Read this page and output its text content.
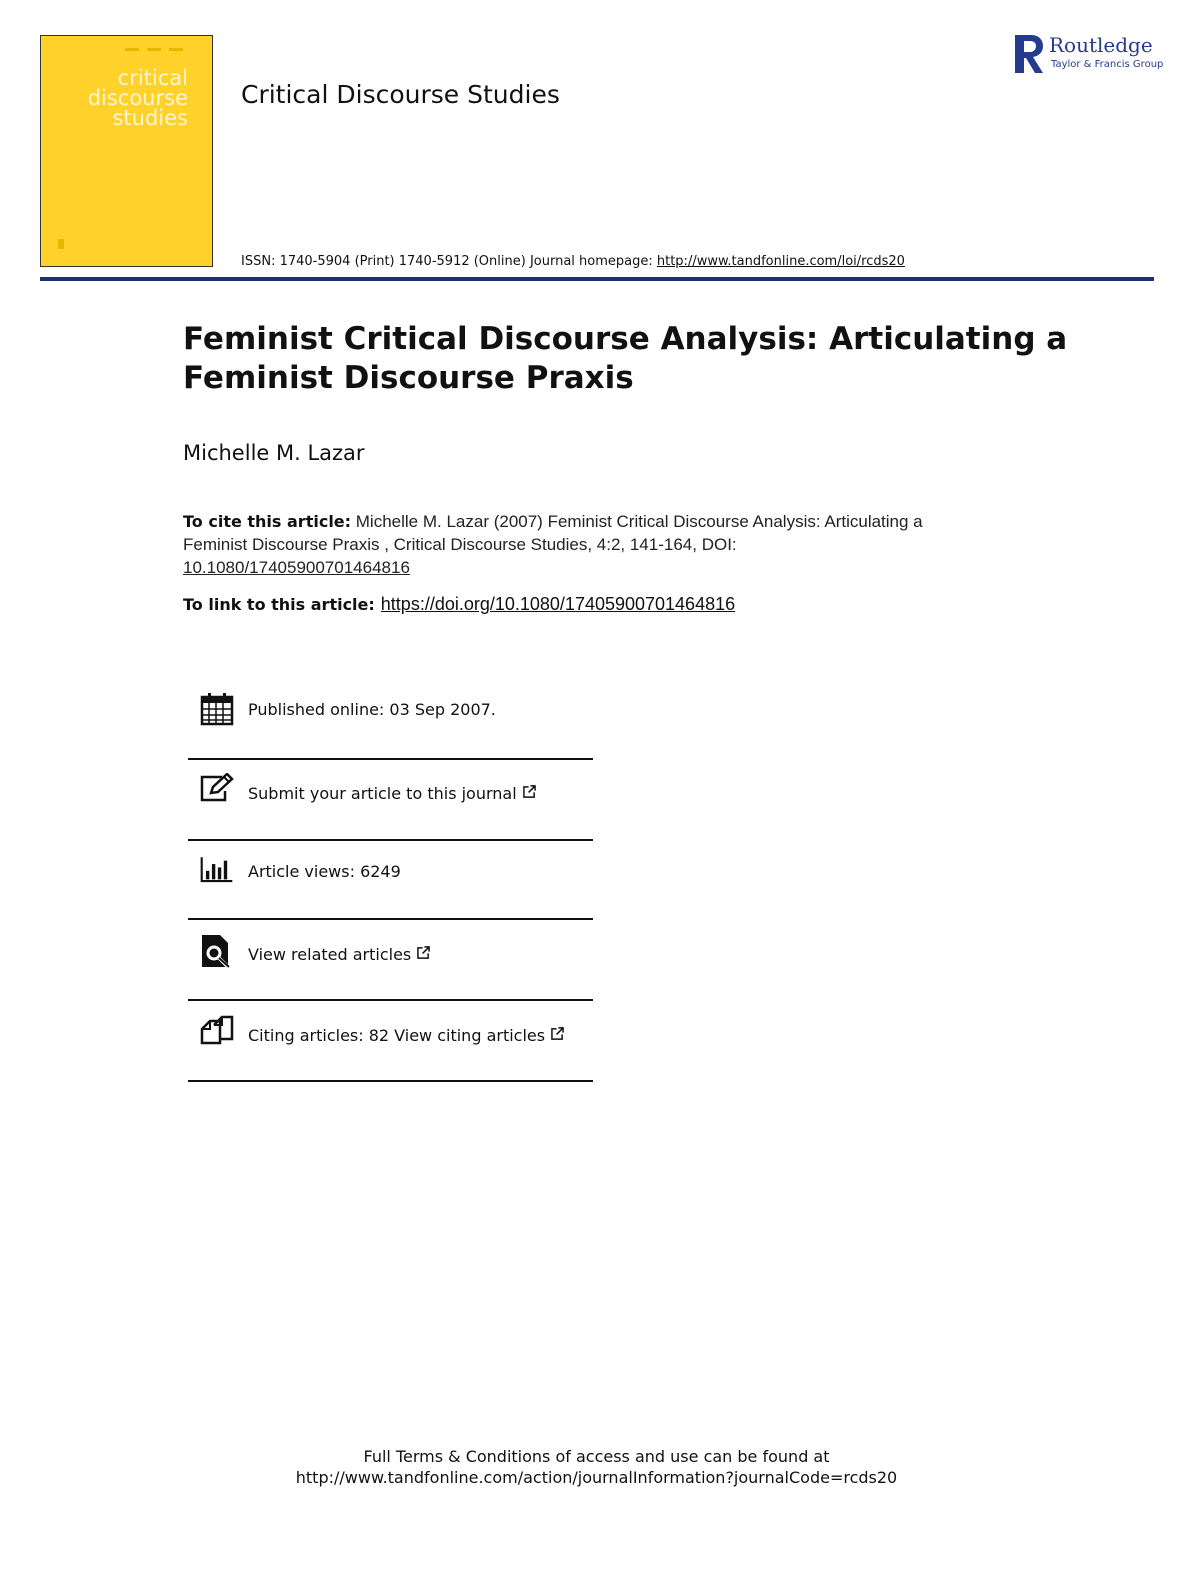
critical
discourse
studies
Critical Discourse Studies
ISSN: 1740-5904 (Print) 1740-5912 (Online) Journal homepage: http://www.tandfonline.com/loi/rcds20
Routledge
Taylor & Francis Group
Feminist Critical Discourse Analysis: Articulating a Feminist Discourse Praxis
Michelle M. Lazar
To cite this article: Michelle M. Lazar (2007) Feminist Critical Discourse Analysis: Articulating a Feminist Discourse Praxis , Critical Discourse Studies, 4:2, 141-164, DOI: 10.1080/17405900701464816
To link to this article: https://doi.org/10.1080/17405900701464816
Published online: 03 Sep 2007.
Submit your article to this journal
Article views: 6249
View related articles
Citing articles: 82 View citing articles
Full Terms & Conditions of access and use can be found at
http://www.tandfonline.com/action/journalInformation?journalCode=rcds20
